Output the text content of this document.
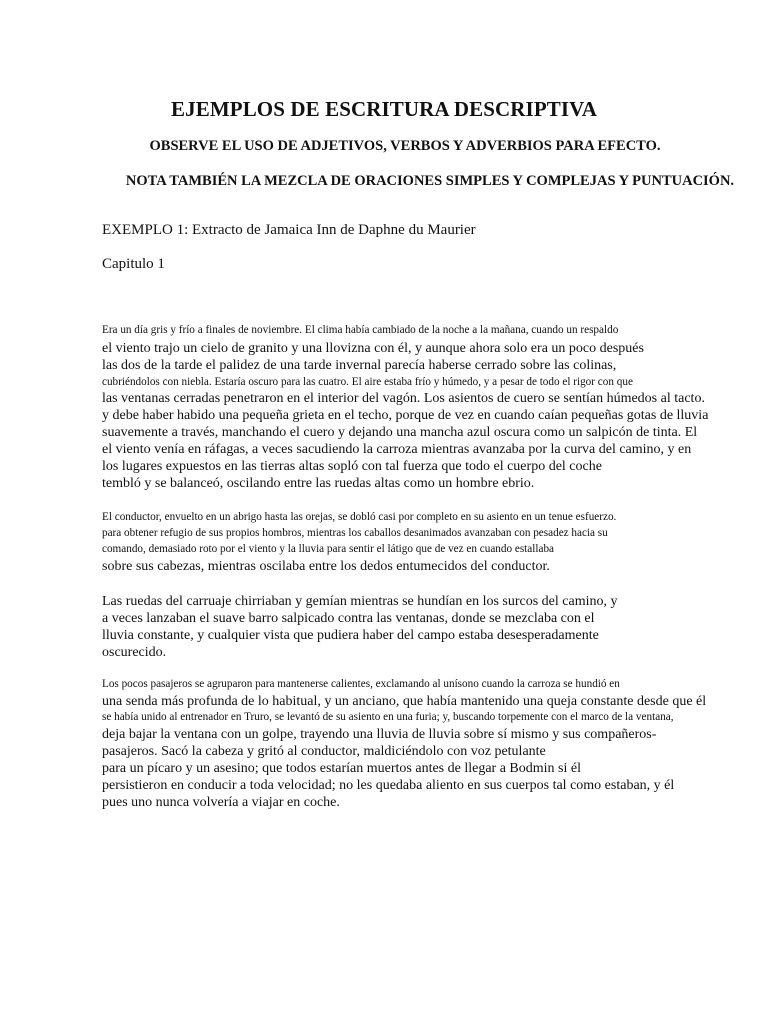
EJEMPLOS DE ESCRITURA DESCRIPTIVA
OBSERVE EL USO DE ADJETIVOS, VERBOS Y ADVERBIOS PARA EFECTO.
NOTA TAMBIÉN LA MEZCLA DE ORACIONES SIMPLES Y COMPLEJAS Y PUNTUACIÓN.
EXEMPLO 1: Extracto de Jamaica Inn de Daphne du Maurier
Capitulo 1
Era un día gris y frío a finales de noviembre. El clima había cambiado de la noche a la mañana, cuando un respaldo
el viento trajo un cielo de granito y una llovizna con él, y aunque ahora solo era un poco después
las dos de la tarde el palidez de una tarde invernal parecía haberse cerrado sobre las colinas,
cubriéndolos con niebla. Estaría oscuro para las cuatro. El aire estaba frío y húmedo, y a pesar de todo el rigor con que
las ventanas cerradas penetraron en el interior del vagón. Los asientos de cuero se sentían húmedos al tacto.
y debe haber habido una pequeña grieta en el techo, porque de vez en cuando caían pequeñas gotas de lluvia
suavemente a través, manchando el cuero y dejando una mancha azul oscura como un salpicón de tinta. El
el viento venía en ráfagas, a veces sacudiendo la carroza mientras avanzaba por la curva del camino, y en
los lugares expuestos en las tierras altas sopló con tal fuerza que todo el cuerpo del coche
tembló y se balanceó, oscilando entre las ruedas altas como un hombre ebrio.
El conductor, envuelto en un abrigo hasta las orejas, se dobló casi por completo en su asiento en un tenue esfuerzo.
para obtener refugio de sus propios hombros, mientras los caballos desanimados avanzaban con pesadez hacia su
comando, demasiado roto por el viento y la lluvia para sentir el látigo que de vez en cuando estallaba
sobre sus cabezas, mientras oscilaba entre los dedos entumecidos del conductor.
Las ruedas del carruaje chirriaban y gemían mientras se hundían en los surcos del camino, y
a veces lanzaban el suave barro salpicado contra las ventanas, donde se mezclaba con el
lluvia constante, y cualquier vista que pudiera haber del campo estaba desesperadamente
oscurecido.
Los pocos pasajeros se agruparon para mantenerse calientes, exclamando al unísono cuando la carroza se hundió en
una senda más profunda de lo habitual, y un anciano, que había mantenido una queja constante desde que él
se había unido al entrenador en Truro, se levantó de su asiento en una furia; y, buscando torpemente con el marco de la ventana,
deja bajar la ventana con un golpe, trayendo una lluvia de lluvia sobre sí mismo y sus compañeros-
pasajeros. Sacó la cabeza y gritó al conductor, maldiciéndolo con voz petulante
para un pícaro y un asesino; que todos estarían muertos antes de llegar a Bodmin si él
persistieron en conducir a toda velocidad; no les quedaba aliento en sus cuerpos tal como estaban, y él
pues uno nunca volvería a viajar en coche.
